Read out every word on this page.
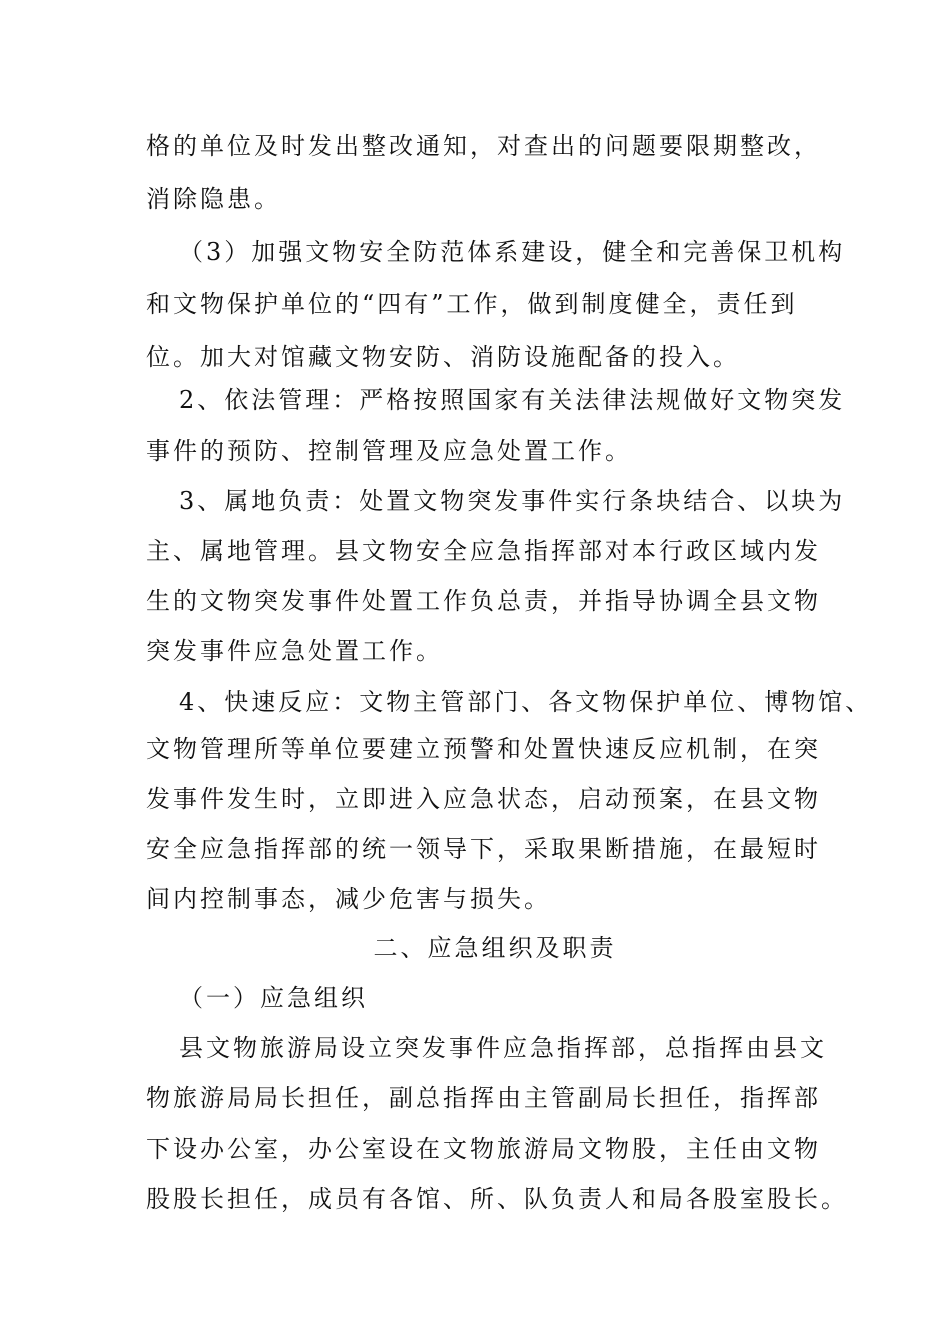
格的单位及时发出整改通知，对查出的问题要限期整改，
消除隐患。
（3）加强文物安全防范体系建设，健全和完善保卫机构
和文物保护单位的“四有”工作，做到制度健全，责任到
位。加大对馆藏文物安防、消防设施配备的投入。
2、依法管理：严格按照国家有关法律法规做好文物突发
事件的预防、控制管理及应急处置工作。
3、属地负责：处置文物突发事件实行条块结合、以块为
主、属地管理。县文物安全应急指挥部对本行政区域内发
生的文物突发事件处置工作负总责，并指导协调全县文物
突发事件应急处置工作。
4、快速反应：文物主管部门、各文物保护单位、博物馆、
文物管理所等单位要建立预警和处置快速反应机制，在突
发事件发生时，立即进入应急状态，启动预案，在县文物
安全应急指挥部的统一领导下，采取果断措施，在最短时
间内控制事态，减少危害与损失。
二、应急组织及职责
（一）应急组织
县文物旅游局设立突发事件应急指挥部，总指挥由县文
物旅游局局长担任，副总指挥由主管副局长担任，指挥部
下设办公室，办公室设在文物旅游局文物股，主任由文物
股股长担任，成员有各馆、所、队负责人和局各股室股长。
